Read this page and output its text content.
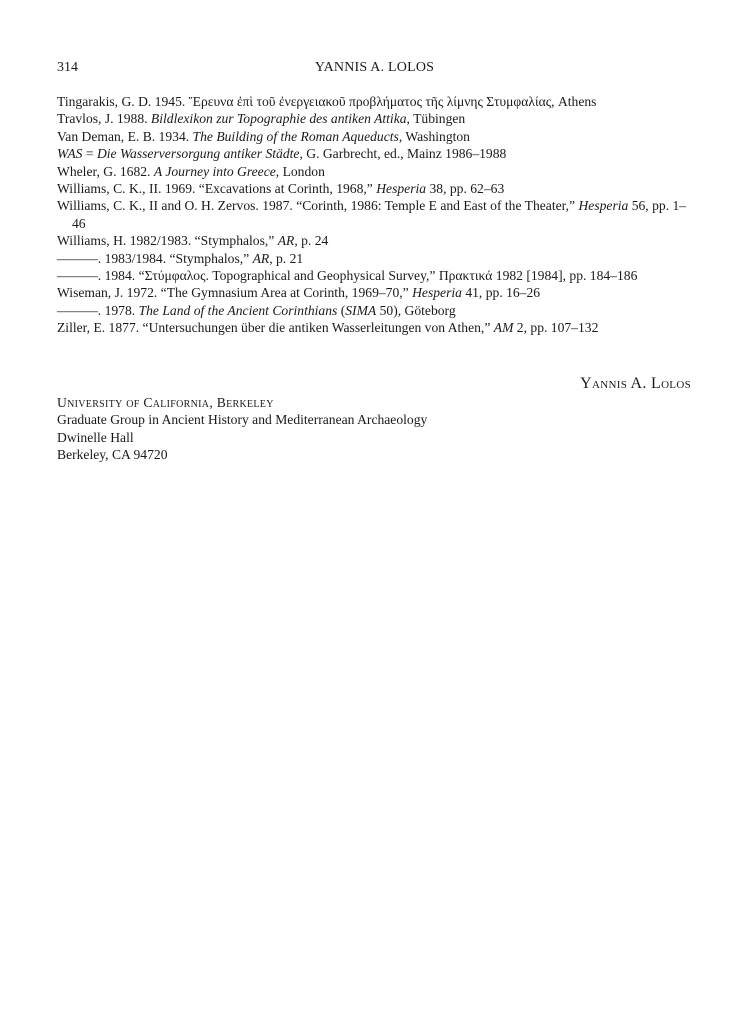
314	YANNIS A. LOLOS
Tingarakis, G. D. 1945. Ἔρευνα ἐπὶ τοῦ ἐνεργειακοῦ προβλήματος τῆς λίμνης Στυμφαλίας, Athens
Travlos, J. 1988. Bildlexikon zur Topographie des antiken Attika, Tübingen
Van Deman, E. B. 1934. The Building of the Roman Aqueducts, Washington
WAS = Die Wasserversorgung antiker Städte, G. Garbrecht, ed., Mainz 1986–1988
Wheler, G. 1682. A Journey into Greece, London
Williams, C. K., II. 1969. “Excavations at Corinth, 1968,” Hesperia 38, pp. 62–63
Williams, C. K., II and O. H. Zervos. 1987. “Corinth, 1986: Temple E and East of the Theater,” Hesperia 56, pp. 1–46
Williams, H. 1982/1983. “Stymphalos,” AR, p. 24
———. 1983/1984. “Stymphalos,” AR, p. 21
———. 1984. “Στύμφαλος. Topographical and Geophysical Survey,” Πρακτικά 1982 [1984], pp. 184–186
Wiseman, J. 1972. “The Gymnasium Area at Corinth, 1969–70,” Hesperia 41, pp. 16–26
———. 1978. The Land of the Ancient Corinthians (SIMA 50), Göteborg
Ziller, E. 1877. “Untersuchungen über die antiken Wasserleitungen von Athen,” AM 2, pp. 107–132
Yannis A. Lolos
University of California, Berkeley
Graduate Group in Ancient History and Mediterranean Archaeology
Dwinelle Hall
Berkeley, CA 94720
